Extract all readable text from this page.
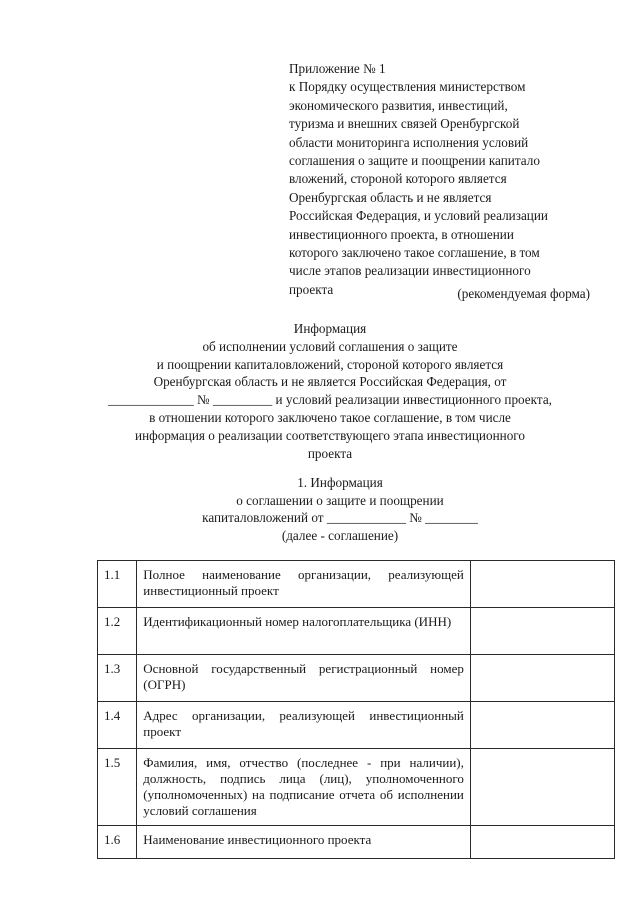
Приложение № 1
к Порядку осуществления министерством
экономического развития, инвестиций,
туризма и внешних связей Оренбургской
области мониторинга исполнения условий
соглашения о защите и поощрении капитало
вложений, стороной которого является
Оренбургская область и не является
Российская Федерация, и условий реализации
инвестиционного проекта, в отношении
которого заключено такое соглашение, в том
числе этапов реализации инвестиционного
проекта	(рекомендуемая форма)
Информация
об исполнении условий соглашения о защите
и поощрении капиталовложений, стороной которого является
Оренбургская область и не является Российская Федерация, от
_____________ № _________ и условий реализации инвестиционного проекта,
в отношении которого заключено такое соглашение, в том числе
информация о реализации соответствующего этапа инвестиционного
проекта
1. Информация
о соглашении о защите и поощрении
капиталовложений от ____________ № ________
(далее - соглашение)
1.1	Полное наименование организации, реализующей инвестиционный проект	
1.2	Идентификационный номер налогоплательщика (ИНН)	
1.3	Основной государственный регистрационный номер (ОГРН)	
1.4	Адрес организации, реализующей инвестиционный проект	
1.5	Фамилия, имя, отчество (последнее - при наличии), должность, подпись лица (лиц), уполномоченного (уполномоченных) на подписание отчета об исполнении условий соглашения	
1.6	Наименование инвестиционного проекта	
